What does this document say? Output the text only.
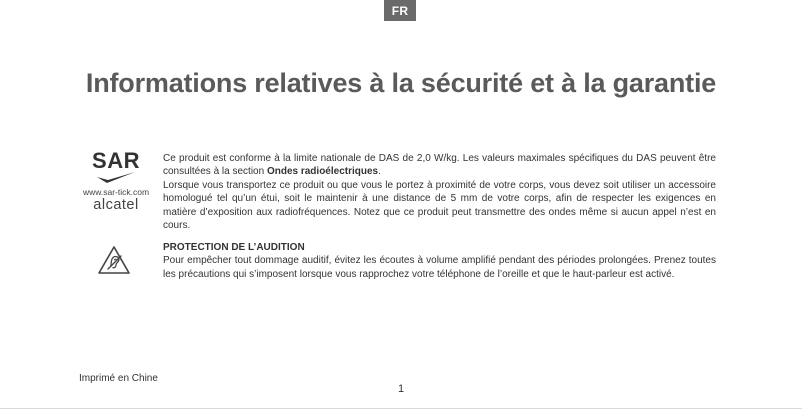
FR
Informations relatives à la sécurité et à la garantie
SAR
www.sar-tick.com
alcatel

Ce produit est conforme à la limite nationale de DAS de 2,0 W/kg. Les valeurs maximales spécifiques du DAS peuvent être consultées à la section Ondes radioélectriques.

Lorsque vous transportez ce produit ou que vous le portez à proximité de votre corps, vous devez soit utiliser un accessoire homologué tel qu’un étui, soit le maintenir à une distance de 5 mm de votre corps, afin de respecter les exigences en matière d’exposition aux radiofréquences. Notez que ce produit peut transmettre des ondes même si aucun appel n’est en cours.

PROTECTION DE L’AUDITION

Pour empêcher tout dommage auditif, évitez les écoutes à volume amplifié pendant des périodes prolongées. Prenez toutes les précautions qui s’imposent lorsque vous rapprochez votre téléphone de l’oreille et que le haut-parleur est activé.

Imprimé en Chine
1
